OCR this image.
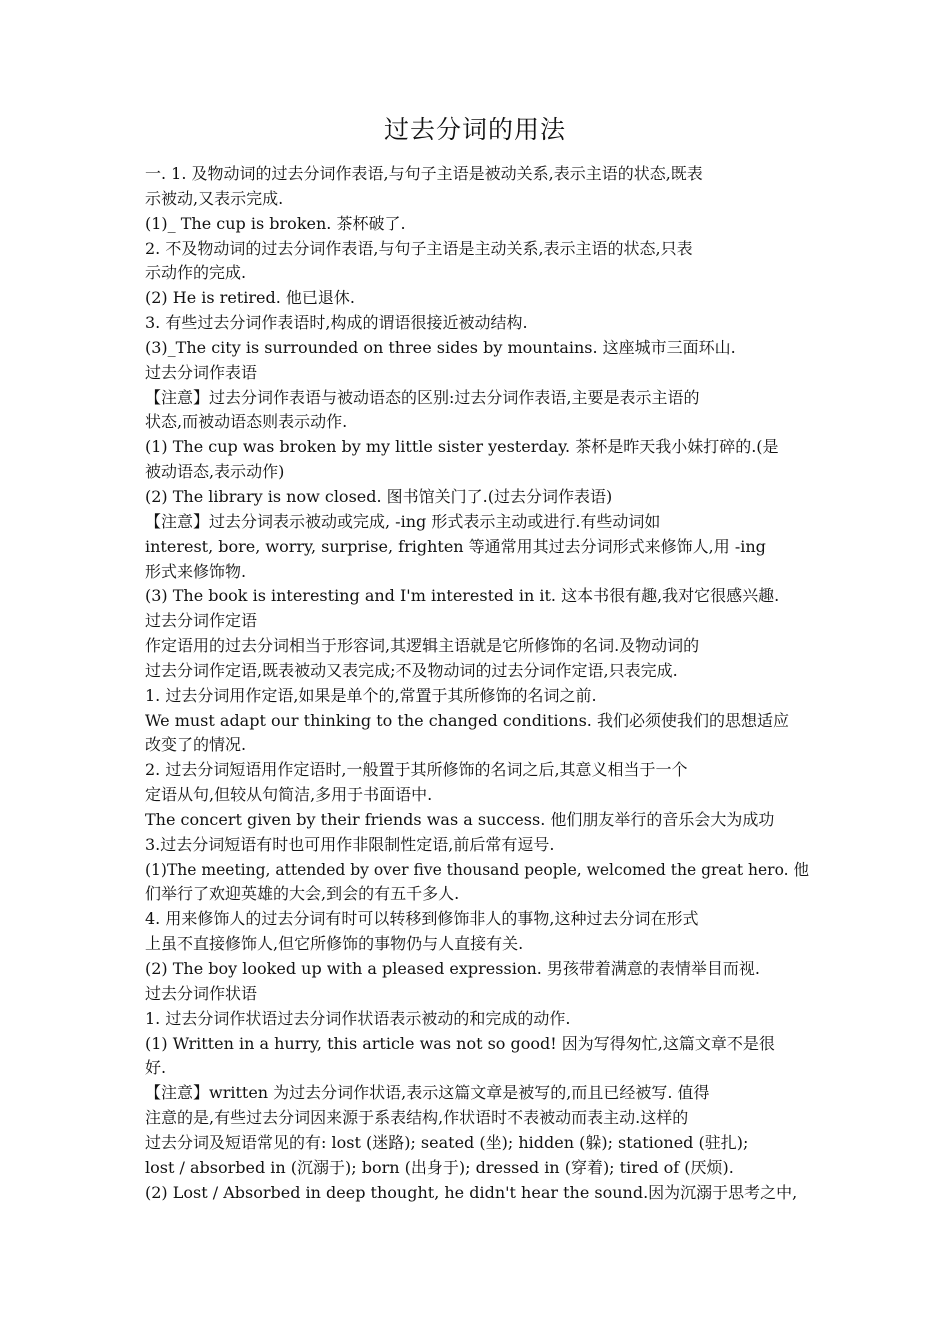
过去分词的用法
一. 1. 及物动词的过去分词作表语,与句子主语是被动关系,表示主语的状态,既表
示被动,又表示完成.
(1)_ The cup is broken. 茶杯破了.
2. 不及物动词的过去分词作表语,与句子主语是主动关系,表示主语的状态,只表
示动作的完成.
(2) He is retired. 他已退休.
3. 有些过去分词作表语时,构成的谓语很接近被动结构.
(3)_The city is surrounded on three sides by mountains. 这座城市三面环山.
过去分词作表语
【注意】过去分词作表语与被动语态的区别:过去分词作表语,主要是表示主语的
状态,而被动语态则表示动作.
(1) The cup was broken by my little sister yesterday. 茶杯是昨天我小妹打碎的.(是
被动语态,表示动作)
(2) The library is now closed. 图书馆关门了.(过去分词作表语)
【注意】过去分词表示被动或完成, -ing 形式表示主动或进行.有些动词如
interest, bore, worry, surprise, frighten 等通常用其过去分词形式来修饰人,用 -ing
形式来修饰物.
(3) The book is interesting and I'm interested in it. 这本书很有趣,我对它很感兴趣.
过去分词作定语
作定语用的过去分词相当于形容词,其逻辑主语就是它所修饰的名词.及物动词的
过去分词作定语,既表被动又表完成;不及物动词的过去分词作定语,只表完成.
1. 过去分词用作定语,如果是单个的,常置于其所修饰的名词之前.
We must adapt our thinking to the changed conditions. 我们必须使我们的思想适应
改变了的情况.
2. 过去分词短语用作定语时,一般置于其所修饰的名词之后,其意义相当于一个
定语从句,但较从句简洁,多用于书面语中.
The concert given by their friends was a success. 他们朋友举行的音乐会大为成功
3.过去分词短语有时也可用作非限制性定语,前后常有逗号.
(1)The meeting, attended by over five thousand people, welcomed the great hero. 他
们举行了欢迎英雄的大会,到会的有五千多人.
4. 用来修饰人的过去分词有时可以转移到修饰非人的事物,这种过去分词在形式
上虽不直接修饰人,但它所修饰的事物仍与人直接有关.
(2) The boy looked up with a pleased expression. 男孩带着满意的表情举目而视.
过去分词作状语
1. 过去分词作状语过去分词作状语表示被动的和完成的动作.
(1) Written in a hurry, this article was not so good! 因为写得匆忙,这篇文章不是很
好.
【注意】written 为过去分词作状语,表示这篇文章是被写的,而且已经被写. 值得
注意的是,有些过去分词因来源于系表结构,作状语时不表被动而表主动.这样的
过去分词及短语常见的有: lost (迷路); seated (坐); hidden (躲); stationed (驻扎);
lost / absorbed in (沉溺于); born (出身于); dressed in (穿着); tired of (厌烦).
(2) Lost / Absorbed in deep thought, he didn't hear the sound.因为沉溺于思考之中,
